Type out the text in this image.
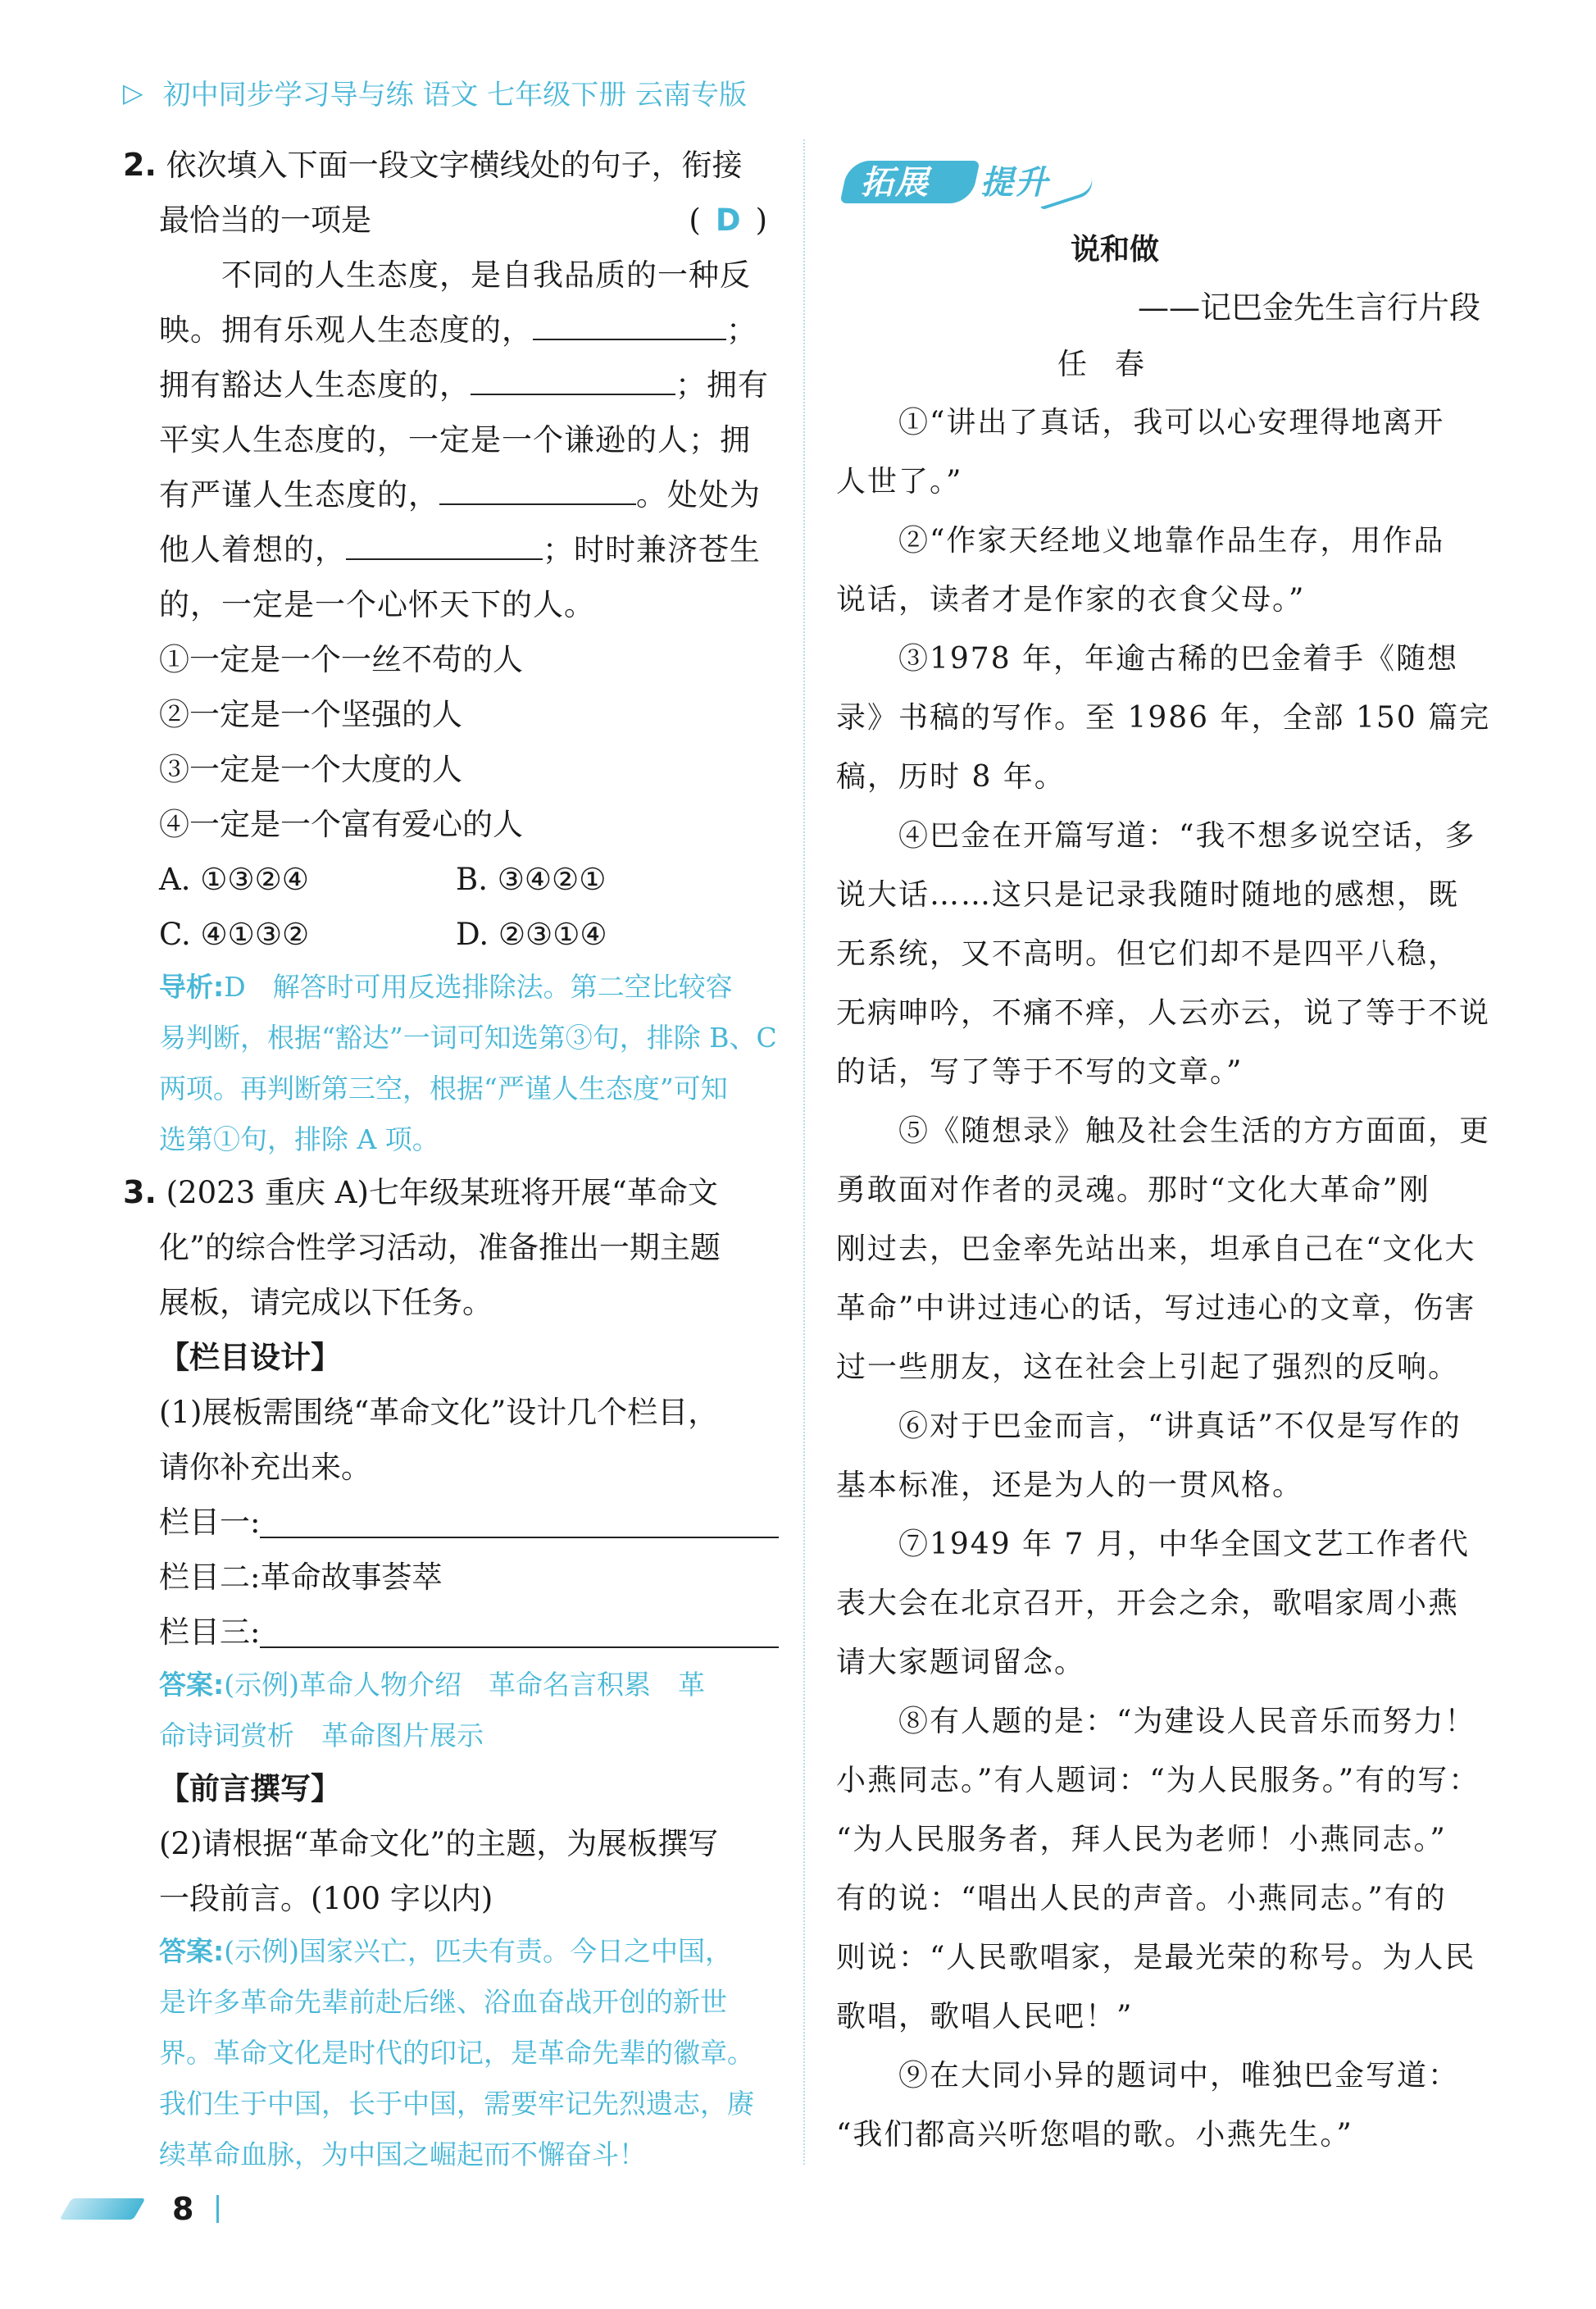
▷ 初中同步学习导与练 语文 七年级下册 云南专版
2. 依次填入下面一段文字横线处的句子，衔接
最恰当的一项是	( D )
不同的人生态度，是自我品质的一种反
映。拥有乐观人生态度的，	；
拥有豁达人生态度的，	；拥有
平实人生态度的，一定是一个谦逊的人；拥
有严谨人生态度的，	。处处为
他人着想的，	；时时兼济苍生
的，一定是一个心怀天下的人。
①一定是一个一丝不苟的人
②一定是一个坚强的人
③一定是一个大度的人
④一定是一个富有爱心的人
A. ①③②④	B. ③④②①
C. ④①③②	D. ②③①④
导析:D　解答时可用反选排除法。第二空比较容
易判断，根据“豁达”一词可知选第③句，排除 B、C
两项。再判断第三空，根据“严谨人生态度”可知
选第①句，排除 A 项。
3. (2023 重庆 A)七年级某班将开展“革命文
化”的综合性学习活动，准备推出一期主题
展板，请完成以下任务。
【栏目设计】
(1)展板需围绕“革命文化”设计几个栏目，
请你补充出来。
栏目一:
栏目二: 革命故事荟萃
栏目三:
答案:(示例)革命人物介绍　革命名言积累　革
命诗词赏析　革命图片展示
【前言撰写】
(2)请根据“革命文化”的主题，为展板撰写
一段前言。(100 字以内)
答案:(示例)国家兴亡，匹夫有责。今日之中国，
是许多革命先辈前赴后继、浴血奋战开创的新世
界。革命文化是时代的印记，是革命先辈的徽章。
我们生于中国，长于中国，需要牢记先烈遗志，赓
续革命血脉，为中国之崛起而不懈奋斗！
拓展 提升
说和做
——记巴金先生言行片段
任春
①“讲出了真话，我可以心安理得地离开
人世了。”
②“作家天经地义地靠作品生存，用作品
说话，读者才是作家的衣食父母。”
③1978 年，年逾古稀的巴金着手《随想
录》书稿的写作。至 1986 年，全部 150 篇完
稿，历时 8 年。
④巴金在开篇写道：“我不想多说空话，多
说大话……这只是记录我随时随地的感想，既
无系统，又不高明。但它们却不是四平八稳，
无病呻吟，不痛不痒，人云亦云，说了等于不说
的话，写了等于不写的文章。”
⑤《随想录》触及社会生活的方方面面，更
勇敢面对作者的灵魂。那时“文化大革命”刚
刚过去，巴金率先站出来，坦承自己在“文化大
革命”中讲过违心的话，写过违心的文章，伤害
过一些朋友，这在社会上引起了强烈的反响。
⑥对于巴金而言，“讲真话”不仅是写作的
基本标准，还是为人的一贯风格。
⑦1949 年 7 月，中华全国文艺工作者代
表大会在北京召开，开会之余，歌唱家周小燕
请大家题词留念。
⑧有人题的是：“为建设人民音乐而努力！
小燕同志。”有人题词：“为人民服务。”有的写：
“为人民服务者，拜人民为老师！小燕同志。”
有的说：“唱出人民的声音。小燕同志。”有的
则说：“人民歌唱家，是最光荣的称号。为人民
歌唱，歌唱人民吧！”
⑨在大同小异的题词中，唯独巴金写道：
“我们都高兴听您唱的歌。小燕先生。”
8
